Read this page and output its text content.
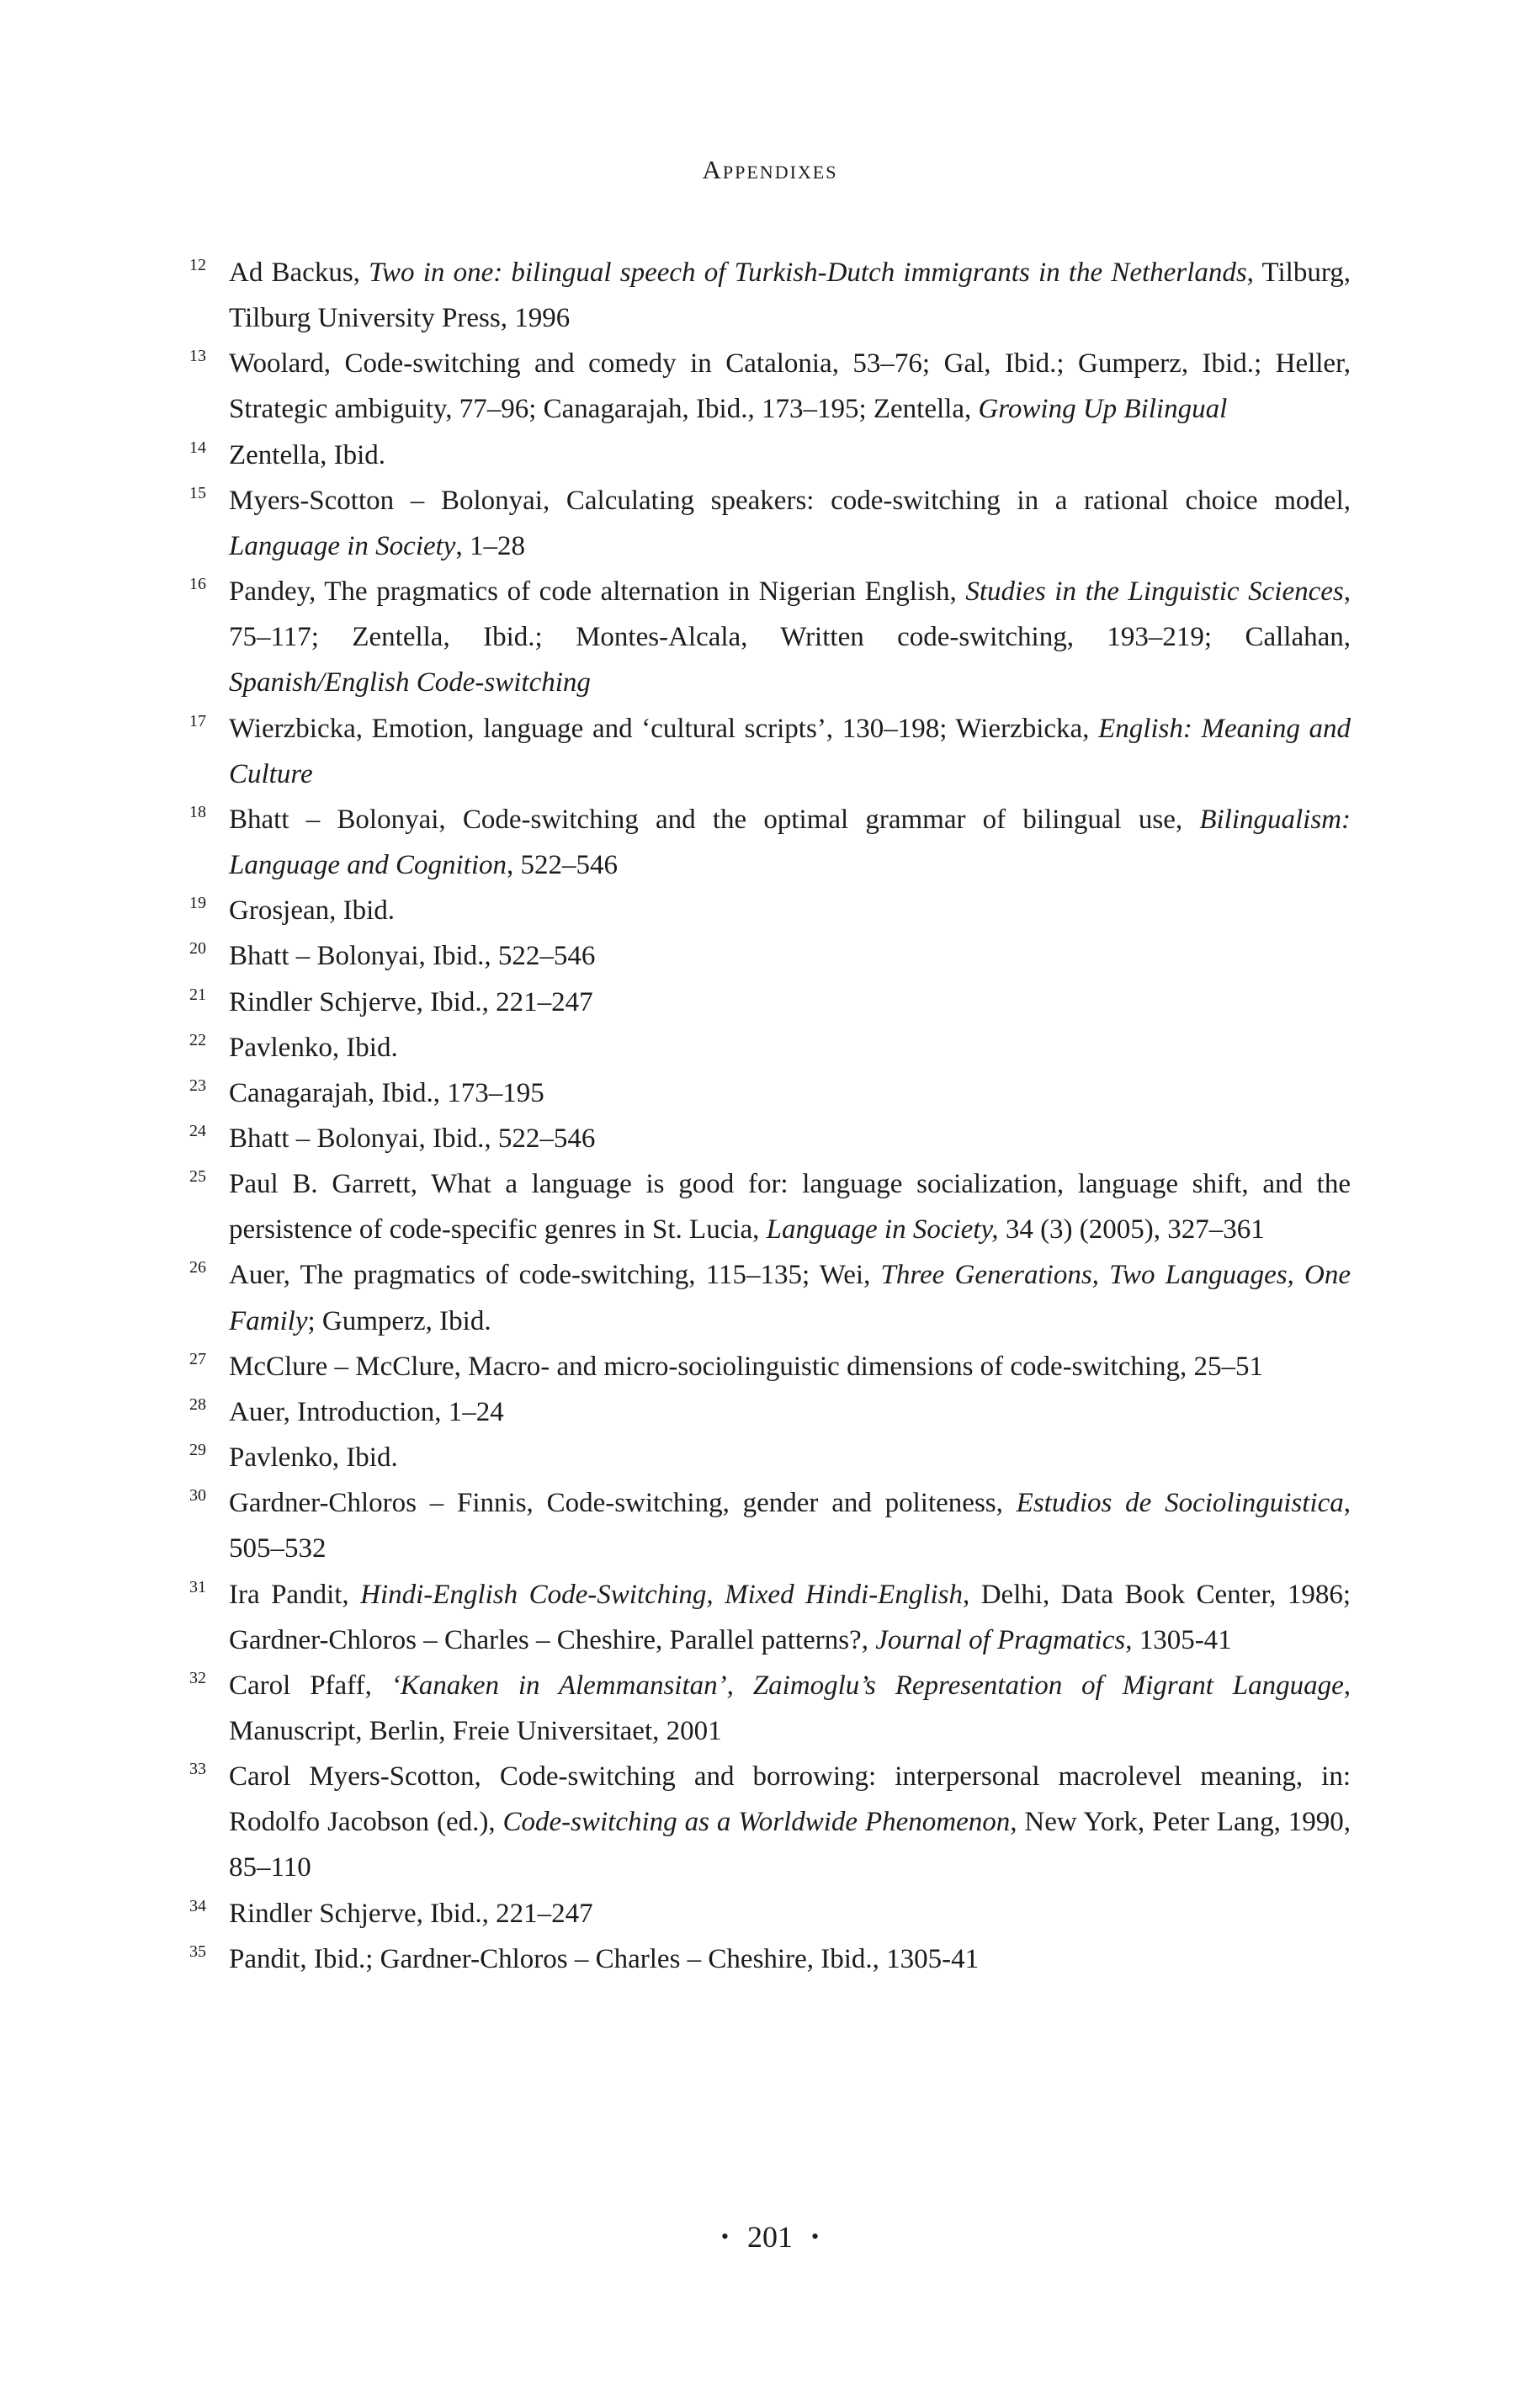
Appendixes

12 Ad Backus, Two in one: bilingual speech of Turkish-Dutch immigrants in the Netherlands, Tilburg, Tilburg University Press, 1996

13 Woolard, Code-switching and comedy in Catalonia, 53–76; Gal, Ibid.; Gumperz, Ibid.; Heller, Strategic ambiguity, 77–96; Canagarajah, Ibid., 173–195; Zentella, Growing Up Bilingual

14 Zentella, Ibid.

15 Myers-Scotton – Bolonyai, Calculating speakers: code-switching in a rational choice model, Language in Society, 1–28

16 Pandey, The pragmatics of code alternation in Nigerian English, Studies in the Linguistic Sciences, 75–117; Zentella, Ibid.; Montes-Alcala, Written code-switching, 193–219; Callahan, Spanish/English Code-switching

17 Wierzbicka, Emotion, language and ‘cultural scripts’, 130–198; Wierzbicka, English: Meaning and Culture

18 Bhatt – Bolonyai, Code-switching and the optimal grammar of bilingual use, Bilingualism: Language and Cognition, 522–546

19 Grosjean, Ibid.

20 Bhatt – Bolonyai, Ibid., 522–546

21 Rindler Schjerve, Ibid., 221–247

22 Pavlenko, Ibid.

23 Canagarajah, Ibid., 173–195

24 Bhatt – Bolonyai, Ibid., 522–546

25 Paul B. Garrett, What a language is good for: language socialization, language shift, and the persistence of code-specific genres in St. Lucia, Language in Society, 34 (3) (2005), 327–361

26 Auer, The pragmatics of code-switching, 115–135; Wei, Three Generations, Two Languages, One Family; Gumperz, Ibid.

27 McClure – McClure, Macro- and micro-sociolinguistic dimensions of code-switching, 25–51

28 Auer, Introduction, 1–24

29 Pavlenko, Ibid.

30 Gardner-Chloros – Finnis, Code-switching, gender and politeness, Estudios de Sociolinguistica, 505–532

31 Ira Pandit, Hindi-English Code-Switching, Mixed Hindi-English, Delhi, Data Book Center, 1986; Gardner-Chloros – Charles – Cheshire, Parallel patterns?, Journal of Pragmatics, 1305-41

32 Carol Pfaff, ‘Kanaken in Alemmansitan’, Zaimoglu’s Representation of Migrant Language, Manuscript, Berlin, Freie Universitaet, 2001

33 Carol Myers-Scotton, Code-switching and borrowing: interpersonal macrolevel meaning, in: Rodolfo Jacobson (ed.), Code-switching as a Worldwide Phenomenon, New York, Peter Lang, 1990, 85–110

34 Rindler Schjerve, Ibid., 221–247

35 Pandit, Ibid.; Gardner-Chloros – Charles – Cheshire, Ibid., 1305-41

• 201 •
